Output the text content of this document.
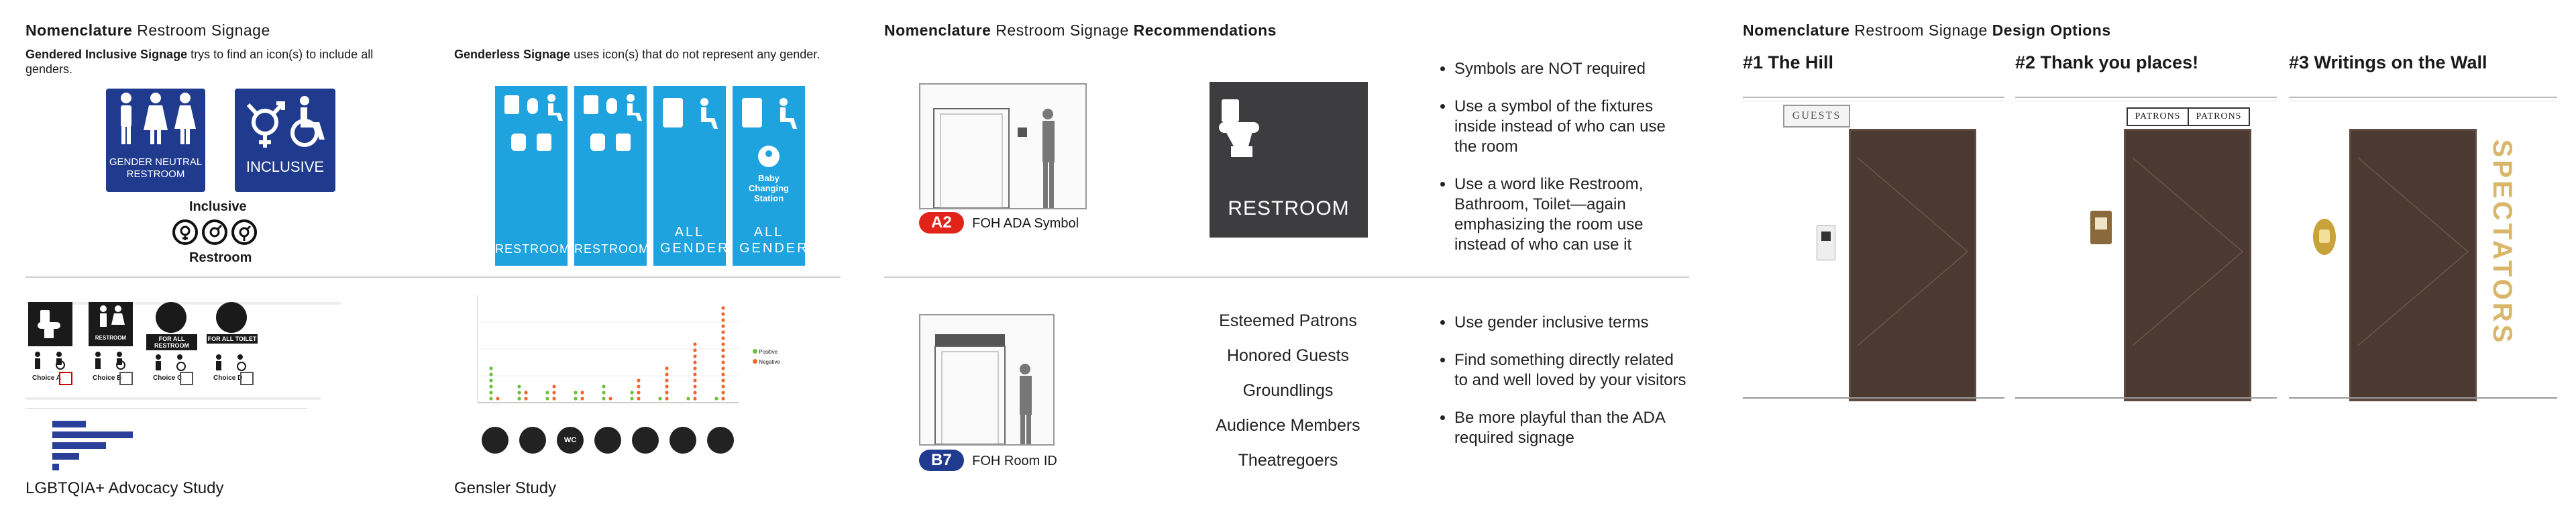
Nomenclature Restroom Signage
Gendered Inclusive Signage trys to find an icon(s) to include all genders.
Genderless Signage uses icon(s) that do not represent any gender.
GENDER NEUTRAL
RESTROOM	INCLUSIVE
Inclusive
Restroom

RESTROOM
RESTROOM
ALL GENDER

Baby Changing Station
ALL GENDER
Choice A
RESTROOM
Choice B
FOR ALL RESTROOM
Choice C
FOR ALL TOILET
Choice D
LGBTQIA+ Advocacy Study
Positive
Negative
WC
Gensler Study
Nomenclature Restroom Signage Recommendations
A2 FOH ADA Symbol
RESTROOM
• Symbols are NOT required
• Use a symbol of the fixtures inside instead of who can use the room
• Use a word like Restroom, Bathroom, Toilet—again emphasizing the room use instead of who can use it
B7 FOH Room ID
Esteemed Patrons
Honored Guests
Groundlings
Audience Members
Theatregoers
• Use gender inclusive terms
• Find something directly related to and well loved by your visitors
• Be more playful than the ADA required signage
Nomenclature Restroom Signage Design Options
#1 The Hill
GUESTS
#2 Thank you places!
PATRONS	PATRONS
#3 Writings on the Wall
SPECTATORS
